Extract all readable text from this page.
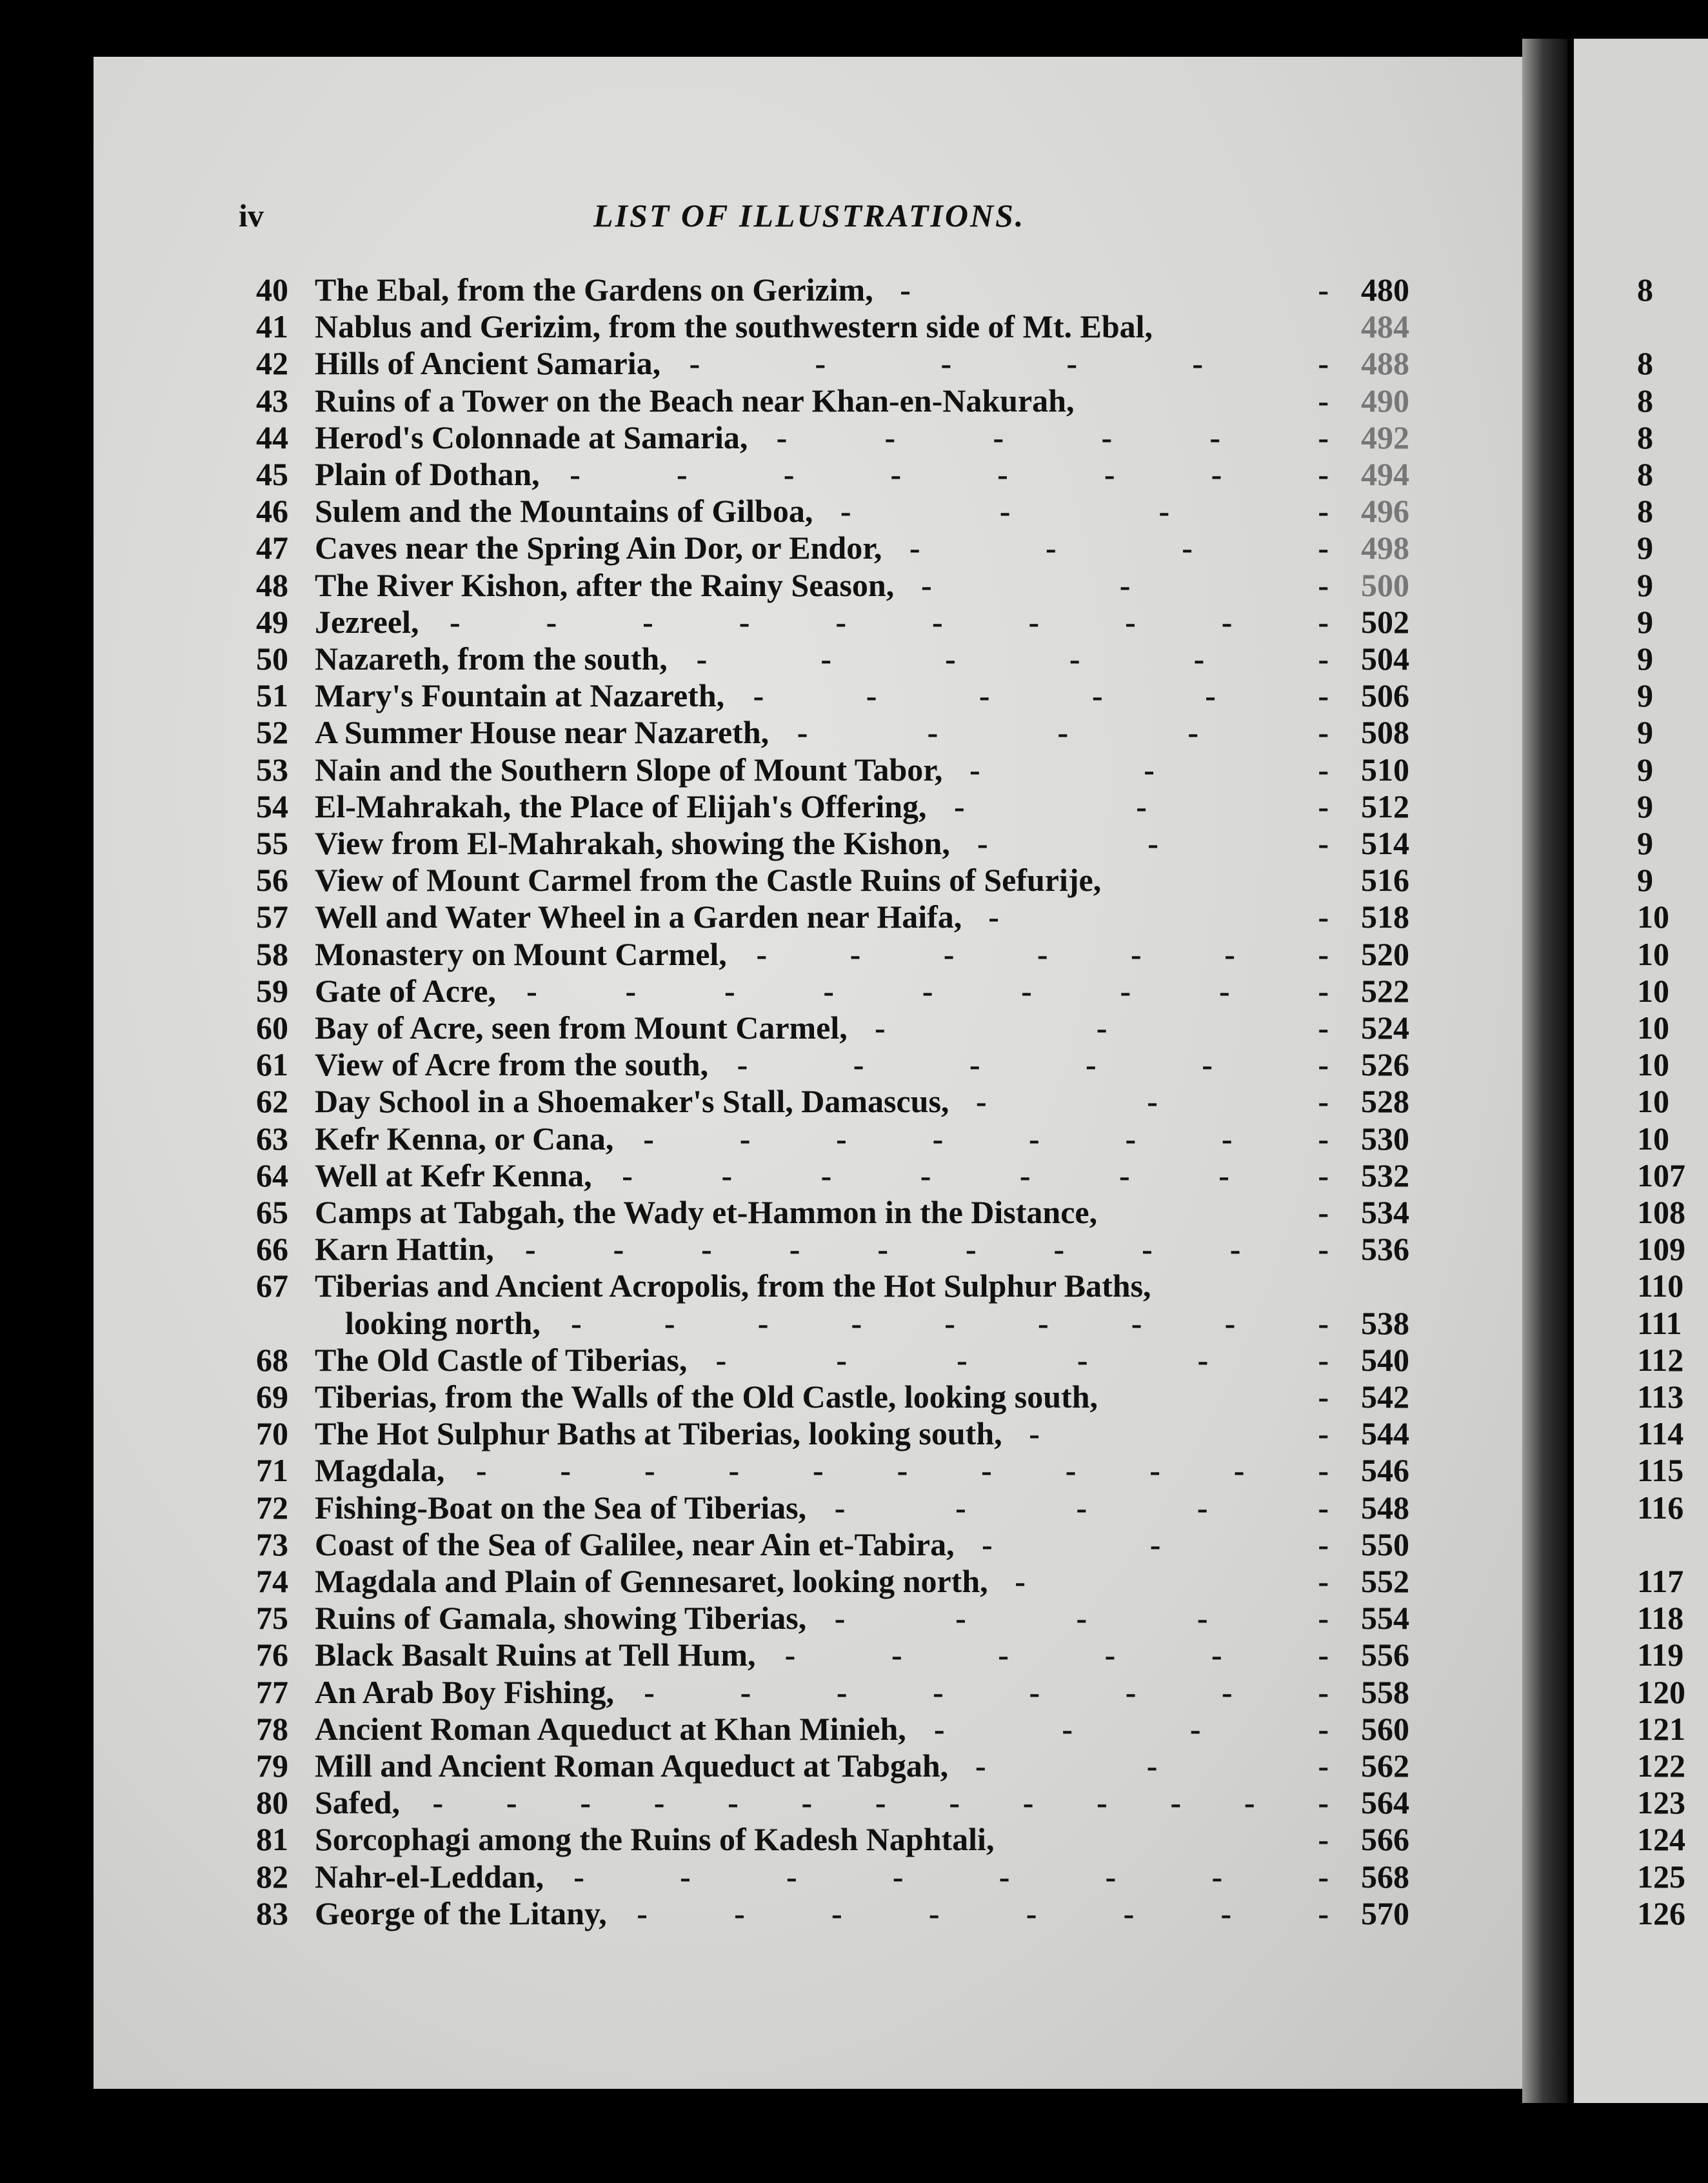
iv	LIST OF ILLUSTRATIONS.
40 The Ebal, from the Gardens on Gerizim, - -	480	8
41 Nablus and Gerizim, from the southwestern side of Mt. Ebal,	484
42 Hills of Ancient Samaria, - - - - - -	488	8
43 Ruins of a Tower on the Beach near Khan-en-Nakurah,	-	490	8
44 Herod's Colonnade at Samaria, - - - - - -	492	8
45 Plain of Dothan, - - - - - - - -	494	8
46 Sulem and the Mountains of Gilboa, - - - -	496	8
47 Caves near the Spring Ain Dor, or Endor, - - - -	498	9
48 The River Kishon, after the Rainy Season, - - -	500	9
49 Jezreel, - - - - - - - - - -	502	9
50 Nazareth, from the south, - - - - - -	504	9
51 Mary's Fountain at Nazareth, - - - - - -	506	9
52 A Summer House near Nazareth, - - - - -	508	9
53 Nain and the Southern Slope of Mount Tabor, - - -	510	9
54 El-Mahrakah, the Place of Elijah's Offering, - - -	512	9
55 View from El-Mahrakah, showing the Kishon, - - -	514	9
56 View of Mount Carmel from the Castle Ruins of Sefurije,	516	9
57 Well and Water Wheel in a Garden near Haifa, - -	518	10
58 Monastery on Mount Carmel, - - - - - - -	520	10
59 Gate of Acre, - - - - - - - - -	522	10
60 Bay of Acre, seen from Mount Carmel, - - -	524	10
61 View of Acre from the south, - - - - - -	526	10
62 Day School in a Shoemaker's Stall, Damascus, - - -	528	10
63 Kefr Kenna, or Cana, - - - - - - - -	530	10
64 Well at Kefr Kenna, - - - - - - - -	532	107
65 Camps at Tabgah, the Wady et-Hammon in the Distance,	-	534	108
66 Karn Hattin, - - - - - - - - - -	536	109
67 Tiberias and Ancient Acropolis, from the Hot Sulphur Baths,	110
looking north, - - - - - - - - -	538	111
68 The Old Castle of Tiberias, - - - - - -	540	112
69 Tiberias, from the Walls of the Old Castle, looking south,	-	542	113
70 The Hot Sulphur Baths at Tiberias, looking south, - -	544	114
71 Magdala, - - - - - - - - - - -	546	115
72 Fishing-Boat on the Sea of Tiberias, - - - - -	548	116
73 Coast of the Sea of Galilee, near Ain et-Tabira, - - -	550
74 Magdala and Plain of Gennesaret, looking north, - -	552	117
75 Ruins of Gamala, showing Tiberias, - - - - -	554	118
76 Black Basalt Ruins at Tell Hum, - - - - - -	556	119
77 An Arab Boy Fishing, - - - - - - - -	558	120
78 Ancient Roman Aqueduct at Khan Minieh, - - - -	560	121
79 Mill and Ancient Roman Aqueduct at Tabgah, - - -	562	122
80 Safed, - - - - - - - - - - - - -	564	123
81 Sorcophagi among the Ruins of Kadesh Naphtali,	-	566	124
82 Nahr-el-Leddan, - - - - - - - -	568	125
83 George of the Litany, - - - - - - - -	570	126
